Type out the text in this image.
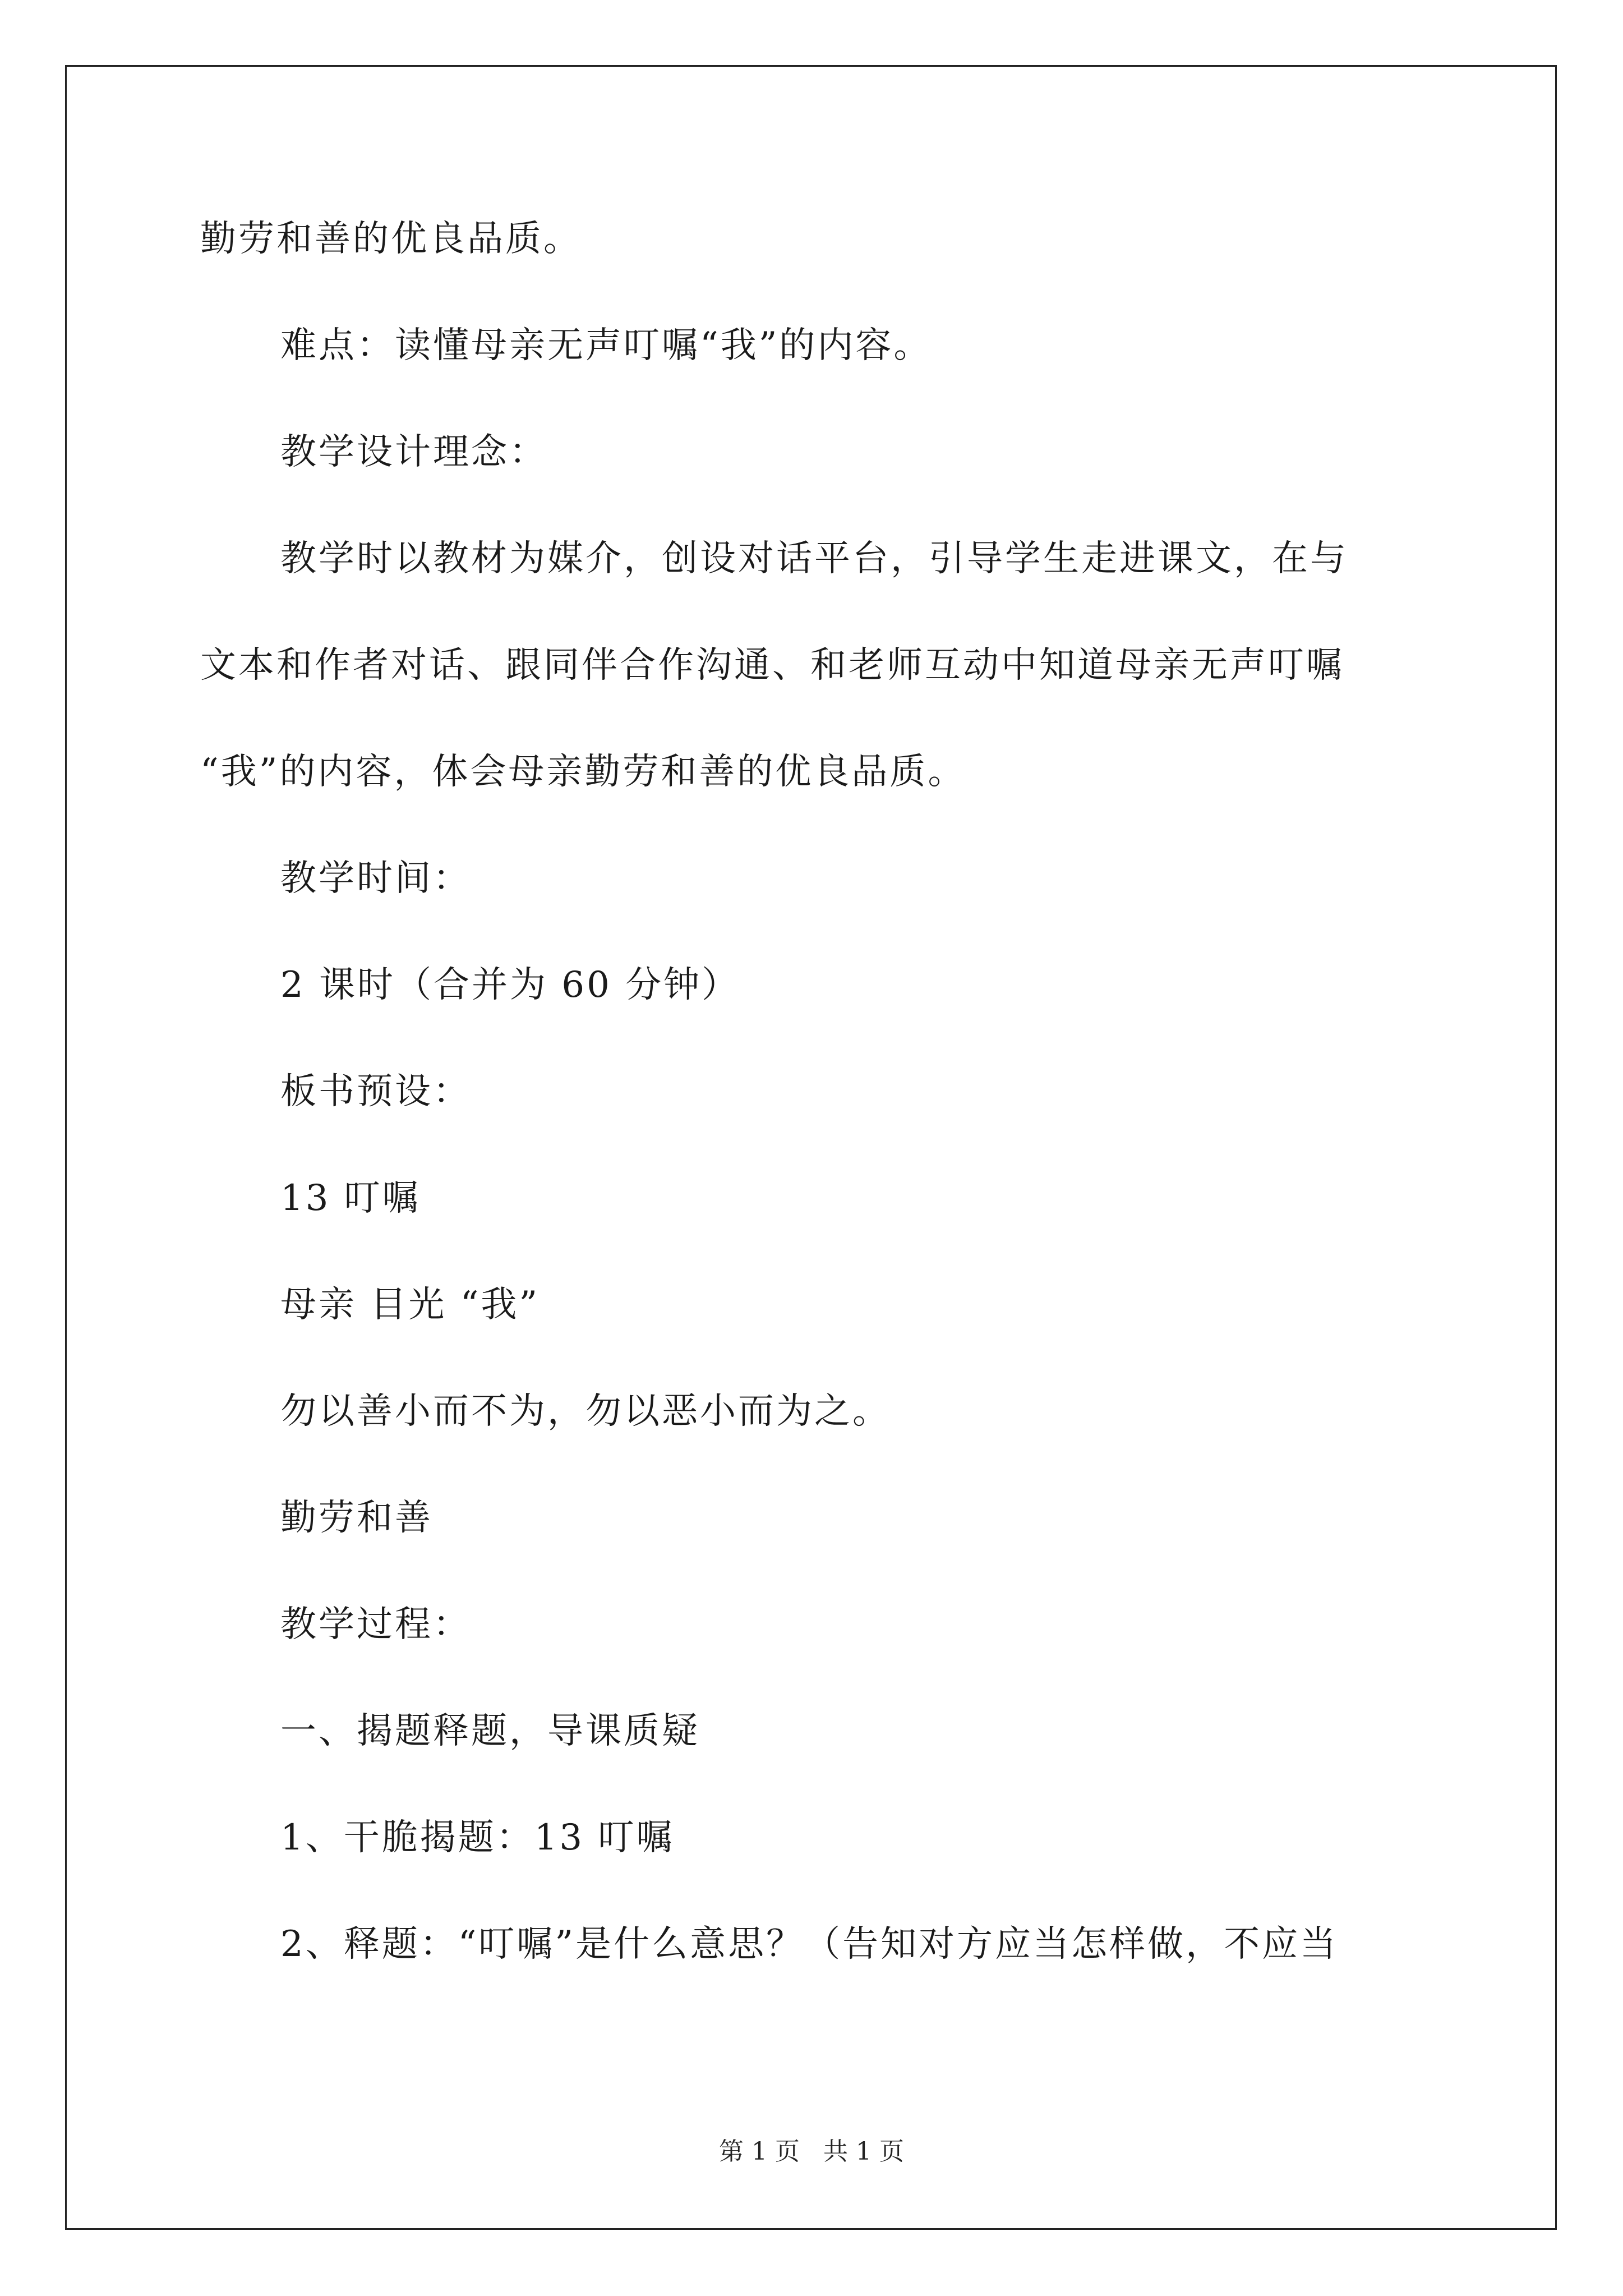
勤劳和善的优良品质。
难点：读懂母亲无声叮嘱“我”的内容。
教学设计理念：
教学时以教材为媒介，创设对话平台，引导学生走进课文，在与
文本和作者对话、跟同伴合作沟通、和老师互动中知道母亲无声叮嘱
“我”的内容，体会母亲勤劳和善的优良品质。
教学时间：
2 课时（合并为 60 分钟）
板书预设：
13 叮嘱
母亲 目光 “我”
勿以善小而不为，勿以恶小而为之。
勤劳和善
教学过程：
一、揭题释题，导课质疑
1、干脆揭题：13 叮嘱
2、释题：“叮嘱”是什么意思？（告知对方应当怎样做，不应当
第 1 页 共 1 页
